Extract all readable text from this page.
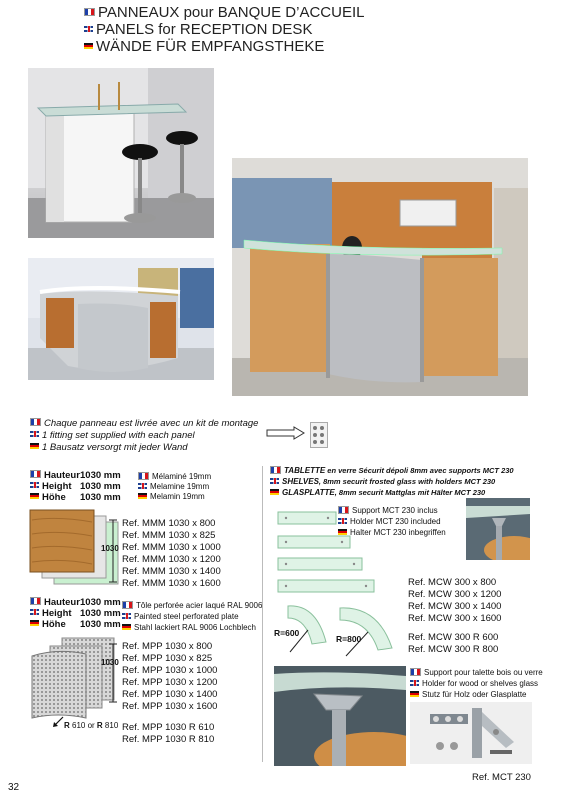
PANNEAUX pour BANQUE D’ACCUEIL
PANELS for RECEPTION DESK
WÄNDE FÜR EMPFANGSTHEKE
Chaque panneau est livrée avec un kit de montage
1 fitting set supplied with each panel
1 Bausatz versorgt mit jeder Wand
Hauteur 1030 mm
Height 1030 mm
Höhe 1030 mm
Mélaminé 19mm
Melamine 19mm
Melamin 19mm
1030
Ref. MMM 1030 x 800
Ref. MMM 1030 x 825
Ref. MMM 1030 x 1000
Ref. MMM 1030 x 1200
Ref. MMM 1030 x 1400
Ref. MMM 1030 x 1600
Hauteur 1030 mm
Height 1030 mm
Höhe 1030 mm
Tôle perforée acier laqué RAL 9006
Painted steel perforated plate
Stahl lackiert RAL 9006 Lochblech
1030
Ref. MPP 1030 x 800
Ref. MPP 1030 x 825
Ref. MPP 1030 x 1000
Ref. MPP 1030 x 1200
Ref. MPP 1030 x 1400
Ref. MPP 1030 x 1600
R 610 or R 810 Ref. MPP 1030 R 610
Ref. MPP 1030 R 810
TABLETTE en verre Sécurit dépoli 8mm avec supports MCT 230
SHELVES, 8mm securit frosted glass with holders MCT 230
GLASPLATTE, 8mm securit Mattglas mit Hälter MCT 230
Support MCT 230 inclus
Holder MCT 230 included
Halter MCT 230 inbegriffen
R=600
R=800
Ref. MCW 300 x 800
Ref. MCW 300 x 1200
Ref. MCW 300 x 1400
Ref. MCW 300 x 1600
Ref. MCW 300 R 600
Ref. MCW 300 R 800
Support pour talette bois ou verre
Holder for wood or shelves glass
Stutz für Holz oder Glasplatte
Ref. MCT 230
32
